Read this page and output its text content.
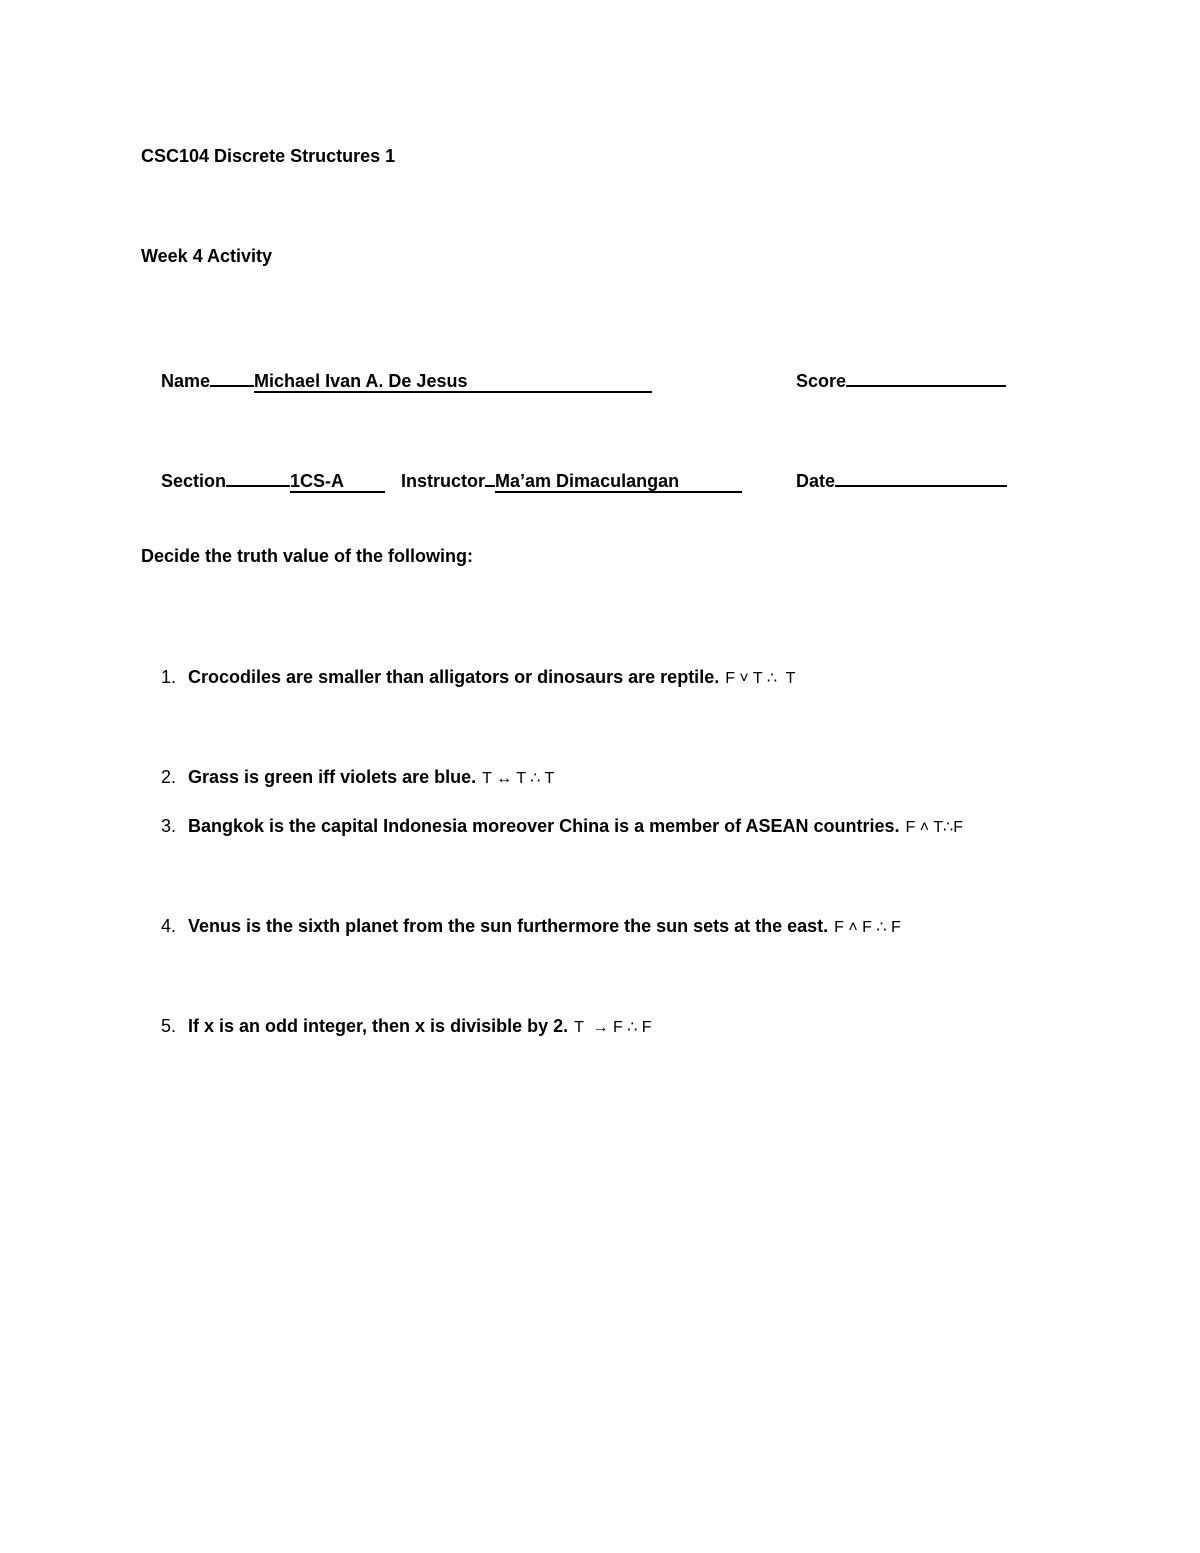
CSC104 Discrete Structures 1
Week 4 Activity

Name Michael Ivan A. De Jesus
	Score

Section	1CS-A
	Instructor Ma’am Dimaculangan
	Date

Decide the truth value of the following:

1. Crocodiles are smaller than alligators or dinosaurs are reptile. F ˅ T ∴  T

2. Grass is green iff violets are blue. T ↔ T ∴ T

3. Bangkok is the capital Indonesia moreover China is a member of ASEAN countries. F ˄ T∴F

4. Venus is the sixth planet from the sun furthermore the sun sets at the east. F ˄ F ∴ F

5. If x is an odd integer, then x is divisible by 2. T  → F ∴ F
